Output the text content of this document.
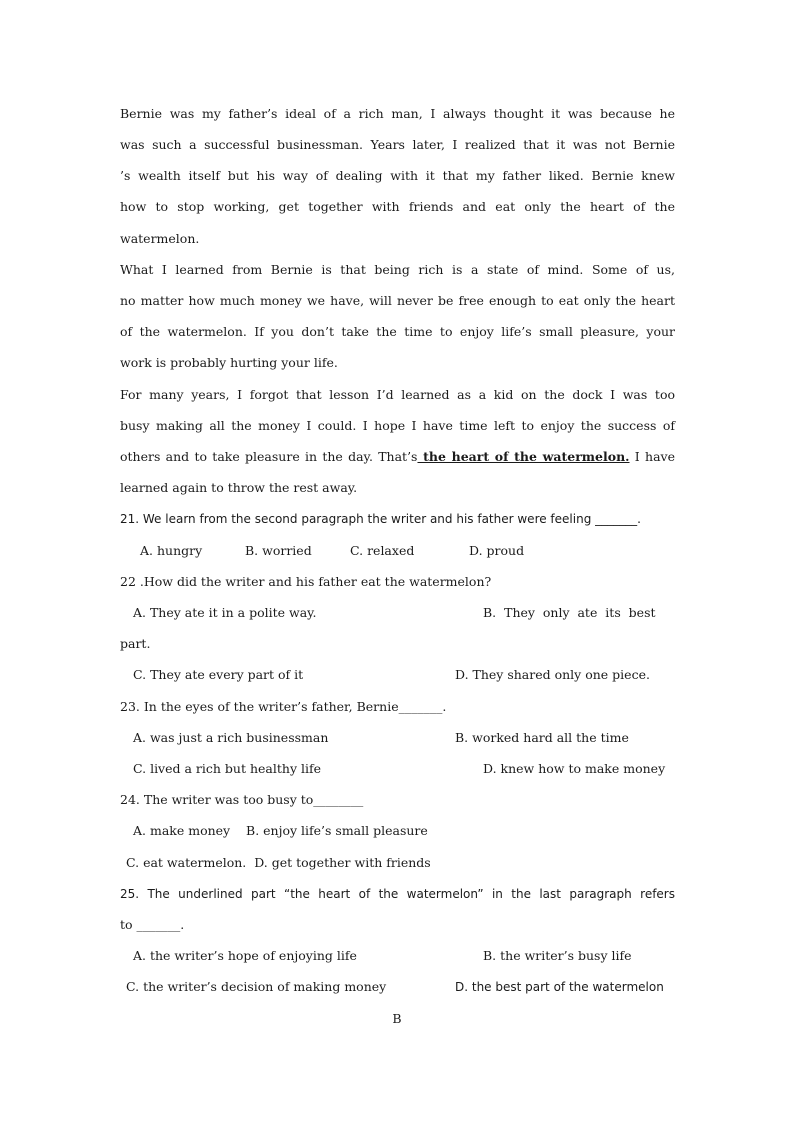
Bernie was my father’s ideal of a rich man, I always thought it was because he
was such a successful businessman. Years later, I realized that it was not Bernie
’s wealth itself but his way of dealing with it that my father liked. Bernie knew
how to stop working, get together with friends and eat only the heart of the
watermelon.
What I learned from Bernie is that being rich is a state of mind. Some of us,
no matter how much money we have, will never be free enough to eat only the heart
of the watermelon. If you don’t take the time to enjoy life’s small pleasure, your
work is probably hurting your life.
For many years, I forgot that lesson I’d learned as a kid on the dock I was too
busy making all the money I could. I hope I have time left to enjoy the success of
others and to take pleasure in the day. That’s the heart of the watermelon. I have
learned again to throw the rest away.
21. We learn from the second paragraph the writer and his father were feeling _______.
A. hungry	B. worried	C. relaxed	D. proud
22 .How did the writer and his father eat the watermelon?
A. They ate it in a polite way.	B.  They  only  ate  its  best
part.
C. They ate every part of it	D. They shared only one piece.
23. In the eyes of the writer’s father, Bernie_______.
A. was just a rich businessman	B. worked hard all the time
C. lived a rich but healthy life	D. knew how to make money
24. The writer was too busy to________
A. make money    B. enjoy life’s small pleasure
C. eat watermelon.  D. get together with friends
25. The underlined part “the heart of the watermelon” in the last paragraph refers
to _______.
A. the writer’s hope of enjoying life	B. the writer’s busy life
C. the writer’s decision of making money	D. the best part of the watermelon
B
